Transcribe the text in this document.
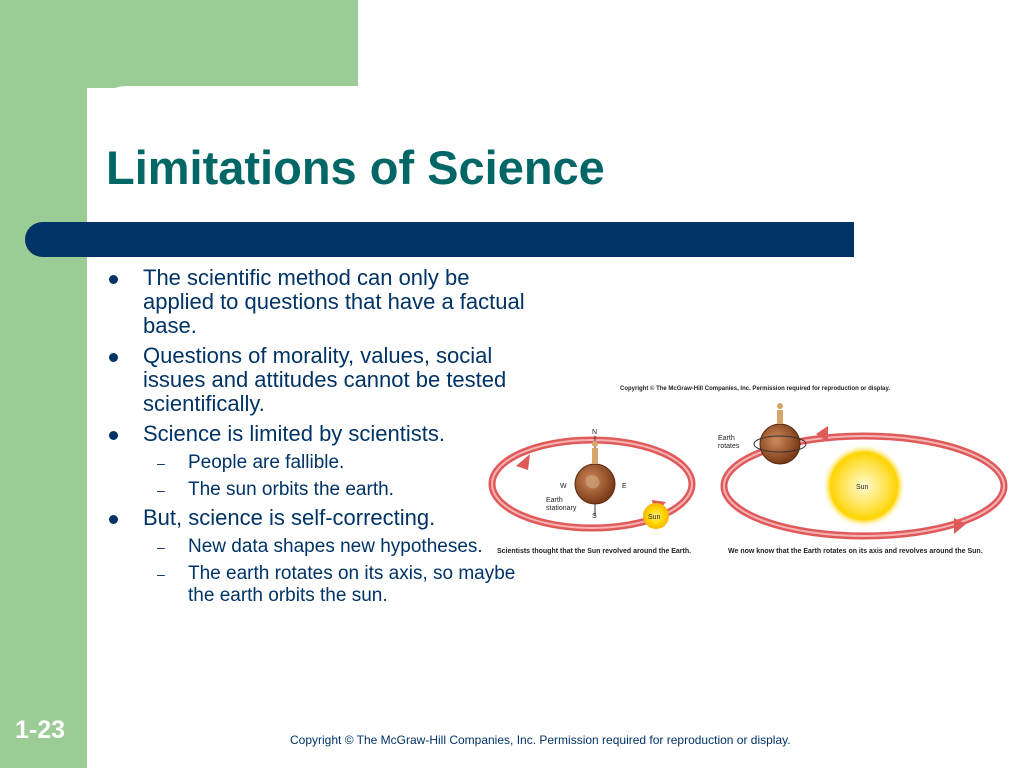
Limitations of Science
The scientific method can only be applied to questions that have a factual base.
Questions of morality, values, social issues and attitudes cannot be tested scientifically.
Science is limited by scientists.
– People are fallible.
– The sun orbits the earth.
But, science is self-correcting.
– New data shapes new hypotheses.
– The earth rotates on its axis, so maybe the earth orbits the sun.
Copyright © The McGraw-Hill Companies, Inc. Permission required for reproduction or display.
N
S
W	E
Earth
stationary
Sun
Earth
rotates
Sun
Scientists thought that the Sun revolved around the Earth.	We now know that the Earth rotates on its axis and revolves around the Sun.
1-23	Copyright © The McGraw-Hill Companies, Inc. Permission required for reproduction or display.
